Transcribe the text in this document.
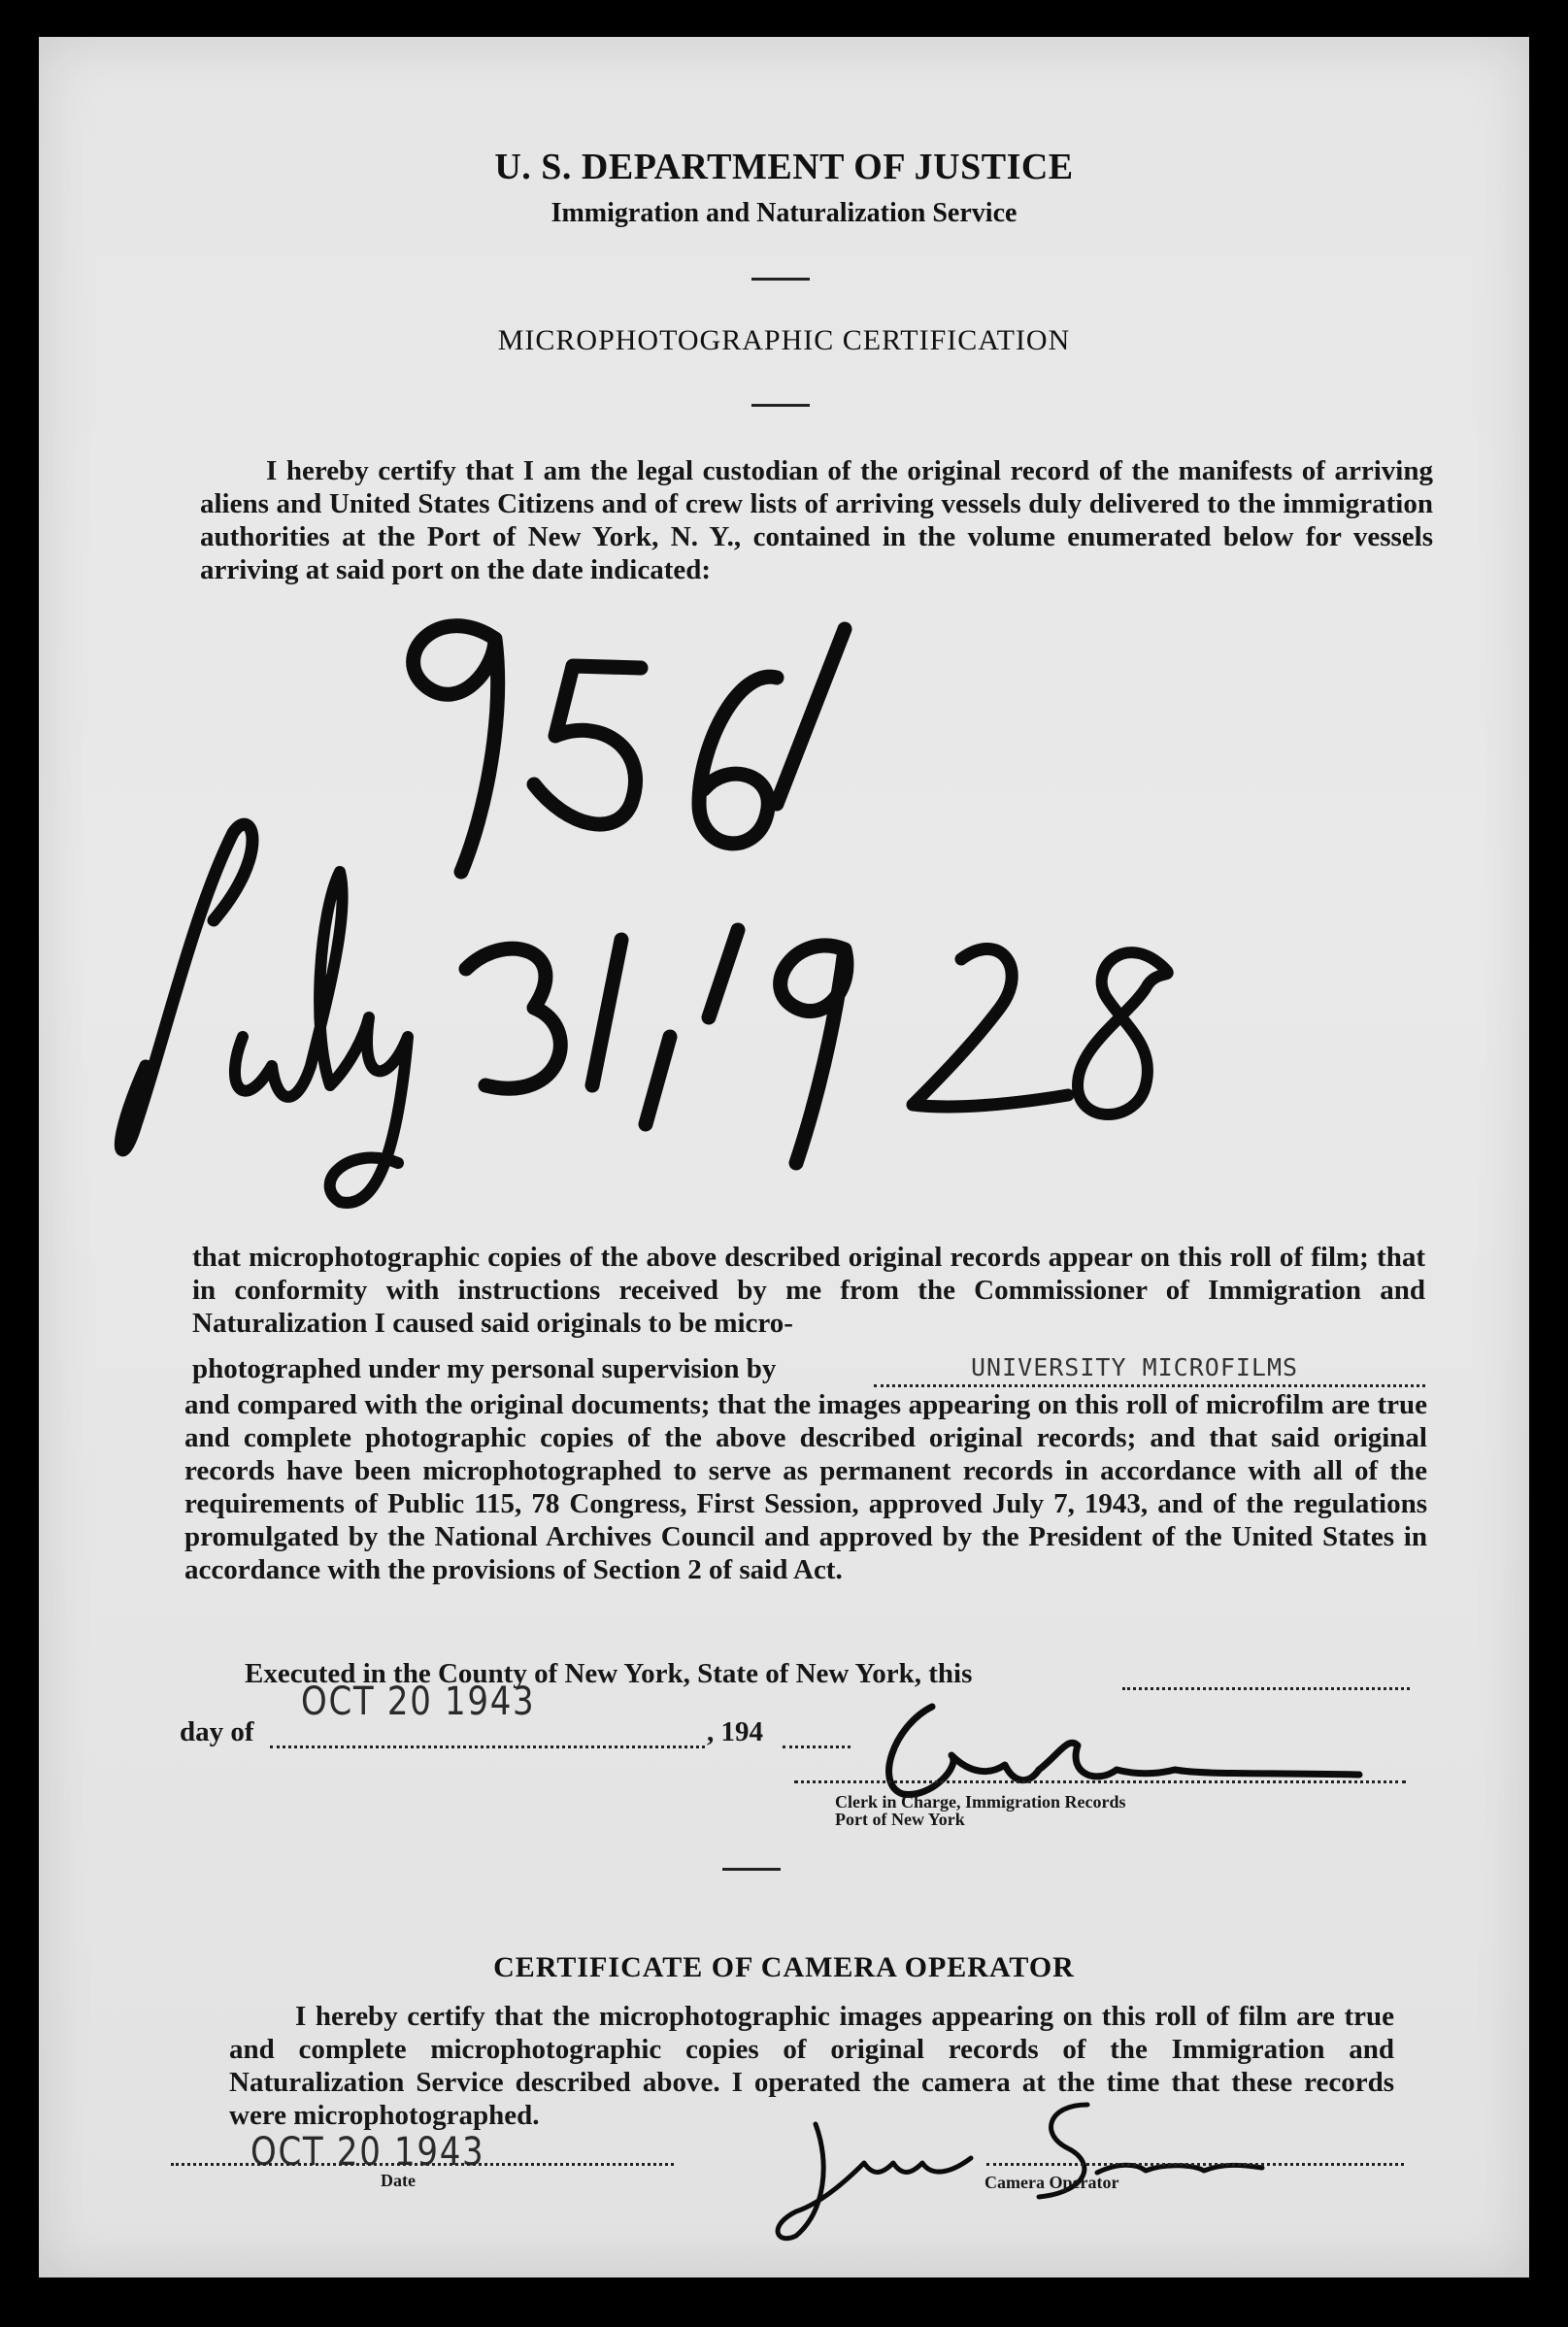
U. S. DEPARTMENT OF JUSTICE
Immigration and Naturalization Service
MICROPHOTOGRAPHIC CERTIFICATION

I hereby certify that I am the legal custodian of the original record of the manifests of arriving aliens and United States Citizens and of crew lists of arriving vessels duly delivered to the immigration authorities at the Port of New York, N. Y., contained in the volume enumerated below for vessels arriving at said port on the date indicated:

that microphotographic copies of the above described original records appear on this roll of film; that in conformity with instructions received by me from the Commissioner of Immigration and Naturalization I caused said originals to be micro-

photographed under my personal supervision by	UNIVERSITY MICROFILMS

and compared with the original documents; that the images appearing on this roll of microfilm are true and complete photographic copies of the above described original records; and that said original records have been microphotographed to serve as permanent records in accordance with all of the requirements of Public 115, 78 Congress, First Session, approved July 7, 1943, and of the regulations promulgated by the National Archives Council and approved by the President of the United States in accordance with the provisions of Section 2 of said Act.

Executed in the County of New York, State of New York, this
OCT 20 1943
day of	, 194
Clerk in Charge, Immigration Records
Port of New York
CERTIFICATE OF CAMERA OPERATOR

I hereby certify that the microphotographic images appearing on this roll of film are true and complete microphotographic copies of original records of the Immigration and Naturalization Service described above. I operated the camera at the time that these records were microphotographed.

OCT 20 1943
Date	Camera Operator
